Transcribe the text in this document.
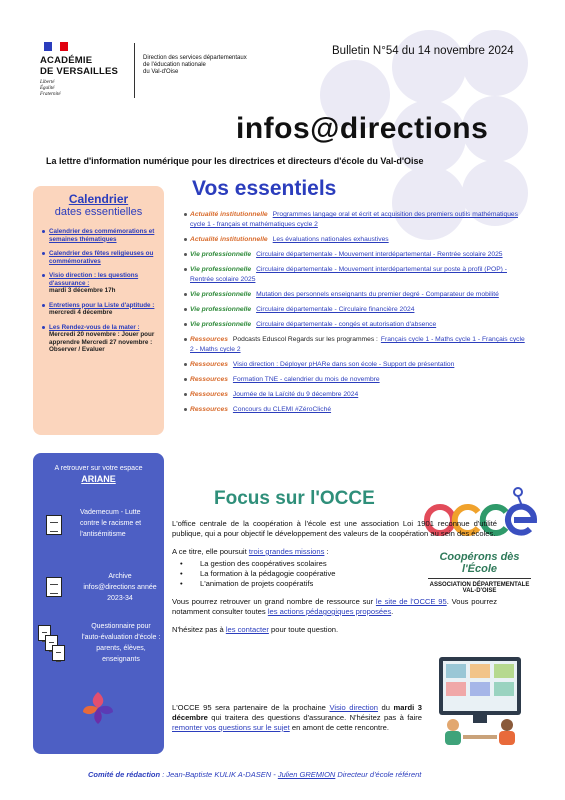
ACADÉMIE
DE VERSAILLES
Liberté
Égalité
Fraternité
Direction des services départementaux
de l'éducation nationale
du Val-d'Oise
Bulletin N°54 du 14 novembre 2024
infos@directions
La lettre d'information numérique pour les directrices et directeurs d'école du Val-d'Oise
Calendrier
dates essentielles
Calendrier des commémorations et semaines thématiques
Calendrier des fêtes religieuses ou commémoratives
Visio direction : les questions d'assurance :
mardi 3 décembre 17h
Entretiens pour la Liste d'aptitude :
mercredi 4 décembre
Les Rendez-vous de la mater :
Mercredi 20 novembre : Jouer pour apprendre Mercredi 27 novembre : Observer / Evaluer
A retrouver sur votre espace
ARIANE
Vademecum - Lutte contre le racisme et l'antisémitisme
Archive infos@directions année 2023-34
Questionnaire pour l'auto-évaluation d'école : parents, élèves, enseignants
Vos essentiels
Actualité institutionnelle Programmes langage oral et écrit et acquisition des premiers outils mathématiques cycle 1 - français et mathématiques cycle 2
Actualité institutionnelle Les évaluations nationales exhaustives
Vie professionnelle Circulaire départementale - Mouvement interdépartemental - Rentrée scolaire 2025
Vie professionnelle Circulaire départementale - Mouvement interdépartemental sur poste à profil (POP) - Rentrée scolaire 2025
Vie professionnelle Mutation des personnels enseignants du premier degré - Comparateur de mobilité
Vie professionnelle Circulaire départementale - Circulaire financière 2024
Vie professionnelle Circulaire départementale - congés et autorisation d'absence
Ressources Podcasts Eduscol Regards sur les programmes : Français cycle 1 - Maths cycle 1 - Français cycle 2 - Maths cycle 2
Ressources Visio direction : Déployer pHARe dans son école - Support de présentation
Ressources Formation TNE - calendrier du mois de novembre
Ressources Journée de la Laïcité du 9 décembre 2024
Ressources Concours du CLEMI #ZéroCliché
Focus sur l'OCCE
Coopérons dès l'École
ASSOCIATION DÉPARTEMENTALE
VAL-D'OISE

L'office centrale de la coopération à l'école est une association Loi 1901 reconnue d'utilité publique, qui a pour objectif le développement des valeurs de la coopération au sein des écoles.

A ce titre, elle poursuit trois grandes missions :

• La gestion des coopératives scolaires
• La formation à la pédagogie coopérative
• L'animation de projets coopératifs

Vous pourrez retrouver un grand nombre de ressource sur le site de l'OCCE 95. Vous pourrez notamment consulter toutes les actions pédagogiques proposées.

N'hésitez pas à les contacter pour toute question.

L'OCCE 95 sera partenaire de la prochaine Visio direction du mardi 3 décembre qui traitera des questions d'assurance. N'hésitez pas à faire remonter vos questions sur le sujet en amont de cette rencontre.
Comité de rédaction : Jean-Baptiste KULIK A-DASEN - Julien GREMION Directeur d'école référent
